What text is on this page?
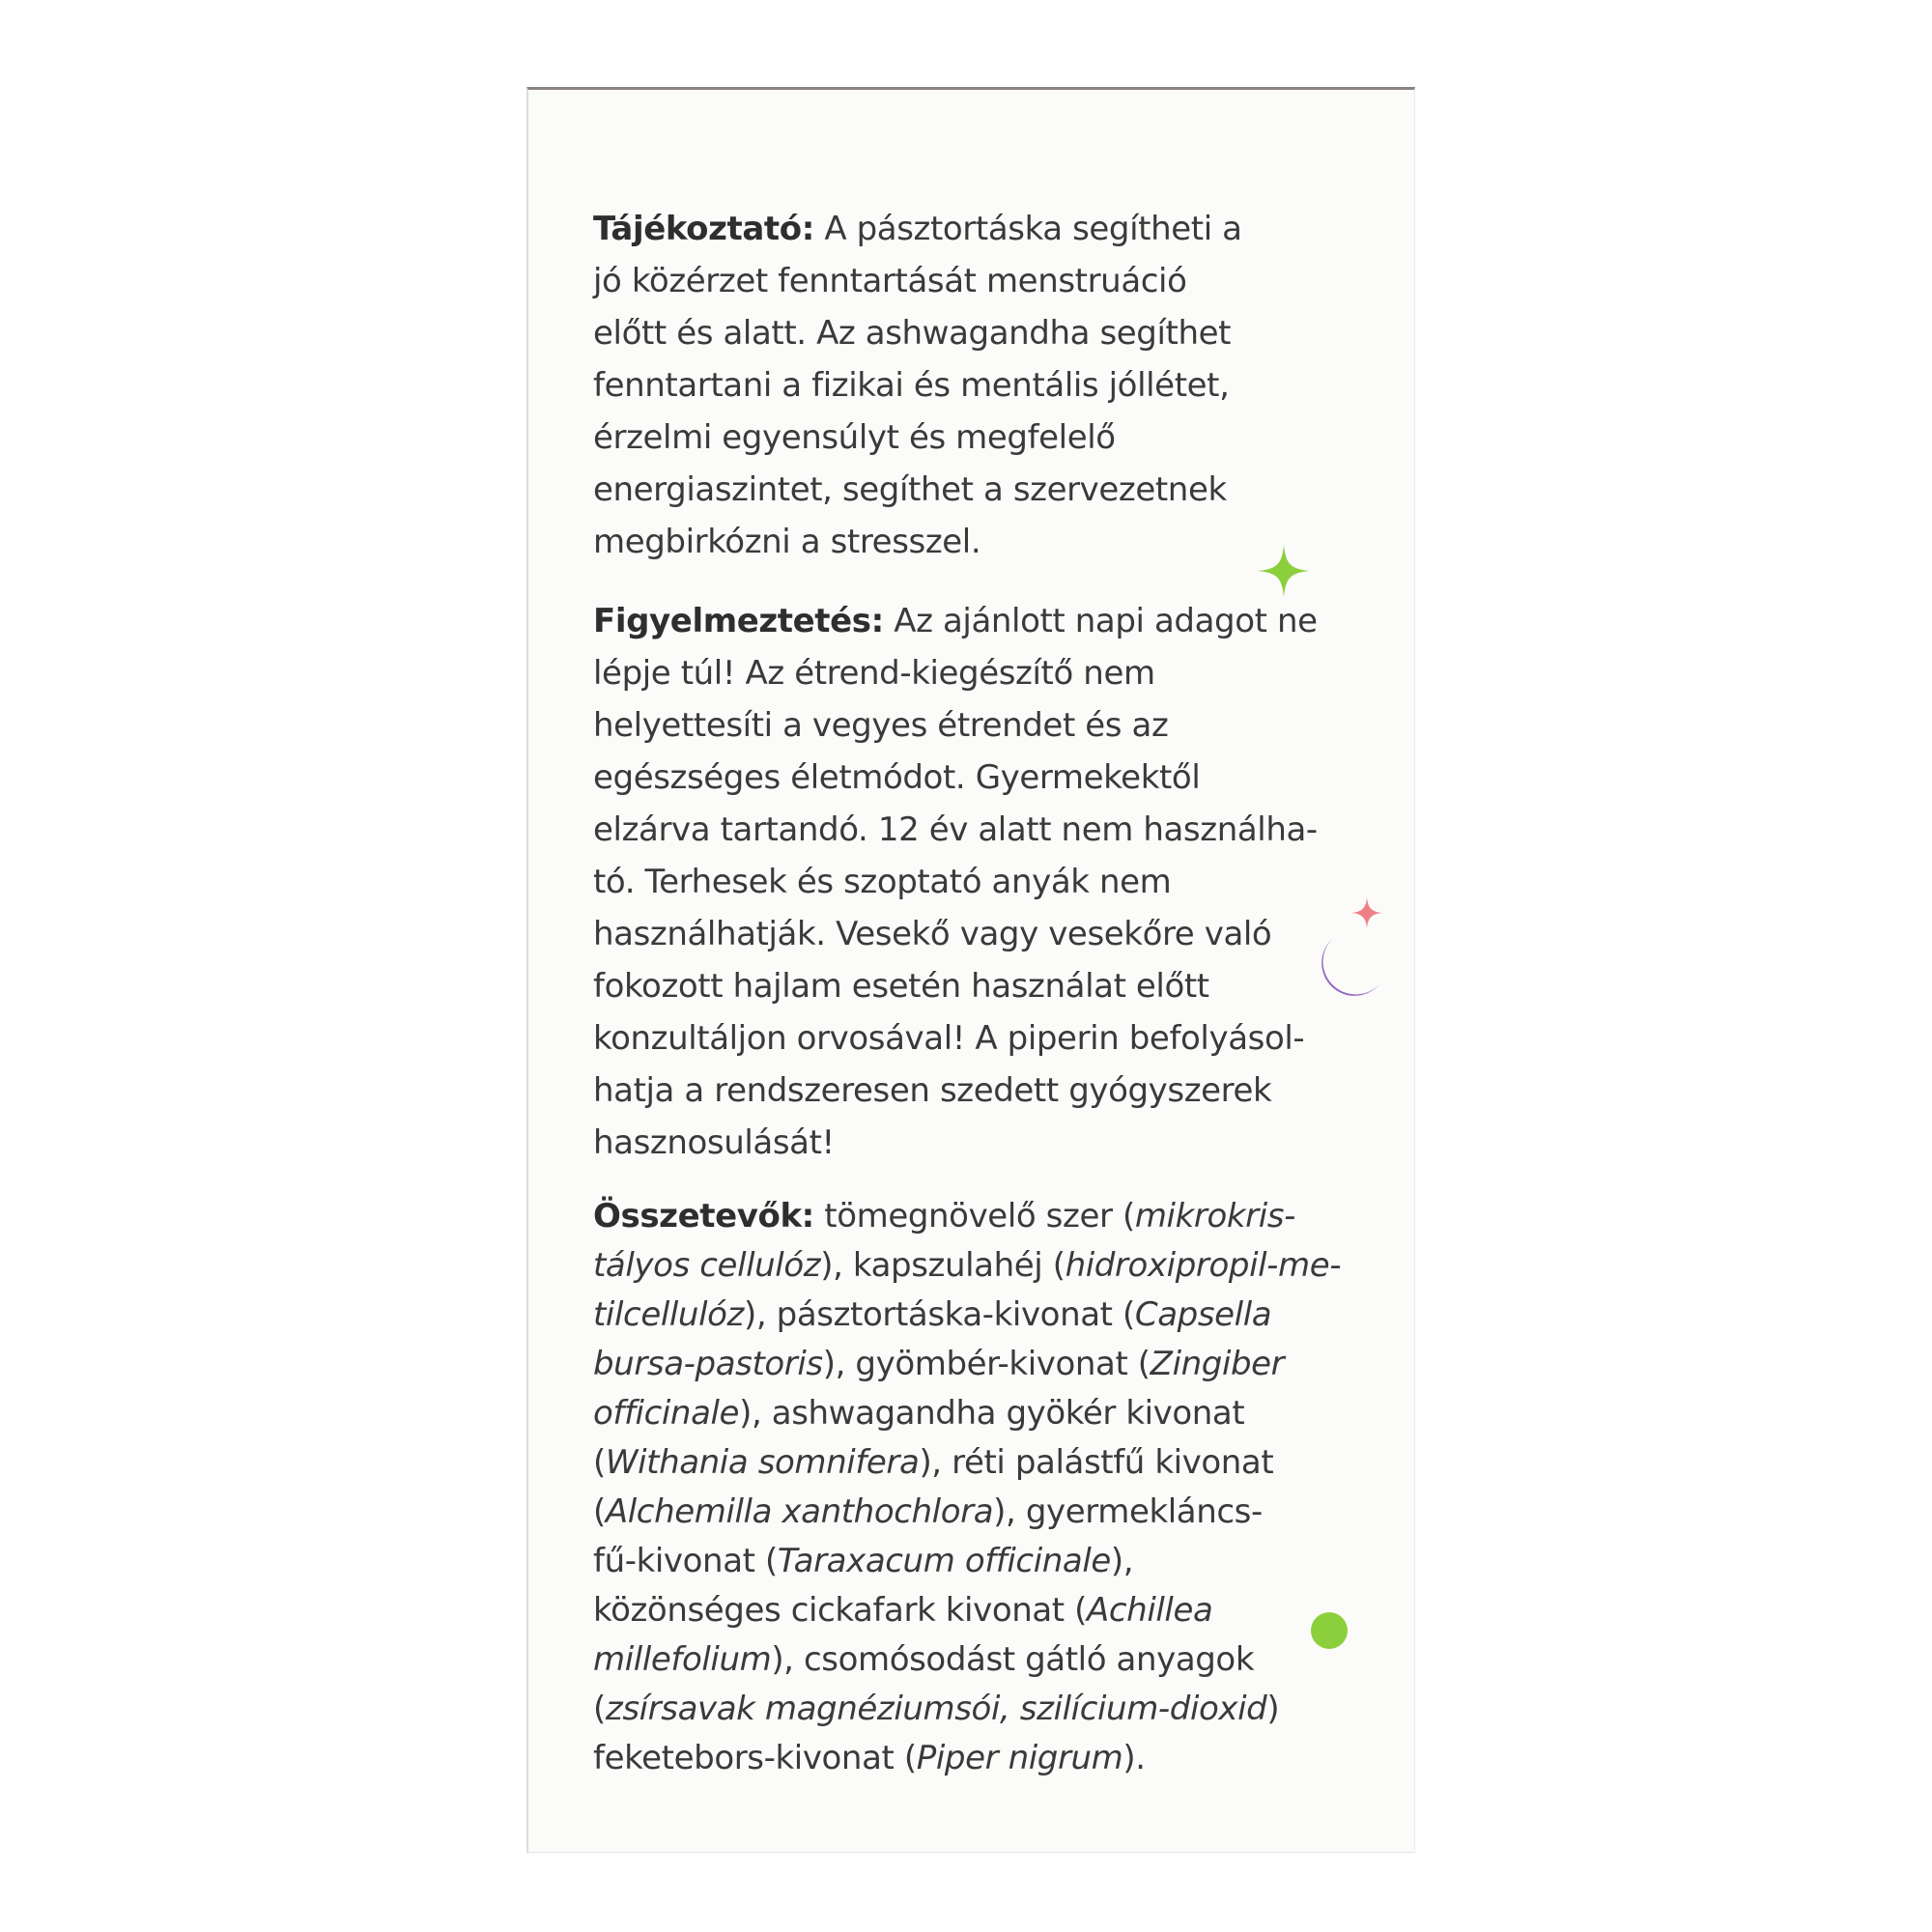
Tájékoztató: A pásztortáska segítheti a
jó közérzet fenntartását menstruáció
előtt és alatt. Az ashwagandha segíthet
fenntartani a fizikai és mentális jóllétet,
érzelmi egyensúlyt és megfelelő
energiaszintet, segíthet a szervezetnek
megbirkózni a stresszel.
Figyelmeztetés: Az ajánlott napi adagot ne
lépje túl! Az étrend-kiegészítő nem
helyettesíti a vegyes étrendet és az
egészséges életmódot. Gyermekektől
elzárva tartandó. 12 év alatt nem használha-
tó. Terhesek és szoptató anyák nem
használhatják. Vesekő vagy vesekőre való
fokozott hajlam esetén használat előtt
konzultáljon orvosával! A piperin befolyásol-
hatja a rendszeresen szedett gyógyszerek
hasznosulását!
Összetevők: tömegnövelő szer (mikrokris-
tályos cellulóz), kapszulahéj (hidroxipropil-me-
tilcellulóz), pásztortáska-kivonat (Capsella
bursa-pastoris), gyömbér-kivonat (Zingiber
officinale), ashwagandha gyökér kivonat
(Withania somnifera), réti palástfű kivonat
(Alchemilla xanthochlora), gyermekláncs-
fű-kivonat (Taraxacum officinale),
közönséges cickafark kivonat (Achillea
millefolium), csomósodást gátló anyagok
(zsírsavak magnéziumsói, szilícium-dioxid)
feketebors-kivonat (Piper nigrum).
